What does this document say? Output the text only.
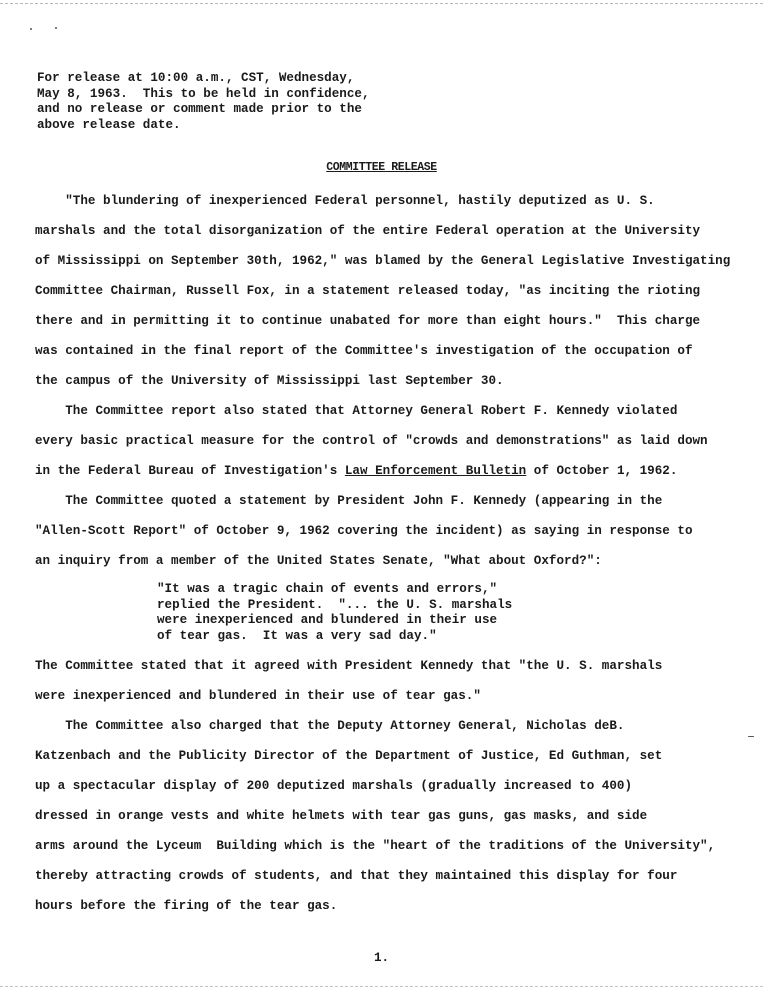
For release at 10:00 a.m., CST, Wednesday,
May 8, 1963.  This to be held in confidence,
and no release or comment made prior to the
above release date.
COMMITTEE RELEASE
"The blundering of inexperienced Federal personnel, hastily deputized as U. S.
marshals and the total disorganization of the entire Federal operation at the University
of Mississippi on September 30th, 1962," was blamed by the General Legislative Investigating
Committee Chairman, Russell Fox, in a statement released today, "as inciting the rioting
there and in permitting it to continue unabated for more than eight hours."  This charge
was contained in the final report of the Committee's investigation of the occupation of
the campus of the University of Mississippi last September 30.
The Committee report also stated that Attorney General Robert F. Kennedy violated
every basic practical measure for the control of "crowds and demonstrations" as laid down
in the Federal Bureau of Investigation's Law Enforcement Bulletin of October 1, 1962.
The Committee quoted a statement by President John F. Kennedy (appearing in the
"Allen-Scott Report" of October 9, 1962 covering the incident) as saying in response to
an inquiry from a member of the United States Senate, "What about Oxford?":
"It was a tragic chain of events and errors,"
replied the President.  "... the U. S. marshals
were inexperienced and blundered in their use
of tear gas.  It was a very sad day."
The Committee stated that it agreed with President Kennedy that "the U. S. marshals
were inexperienced and blundered in their use of tear gas."
The Committee also charged that the Deputy Attorney General, Nicholas deB.
Katzenbach and the Publicity Director of the Department of Justice, Ed Guthman, set
up a spectacular display of 200 deputized marshals (gradually increased to 400)
dressed in orange vests and white helmets with tear gas guns, gas masks, and side
arms around the Lyceum  Building which is the "heart of the traditions of the University",
thereby attracting crowds of students, and that they maintained this display for four
hours before the firing of the tear gas.
1.
